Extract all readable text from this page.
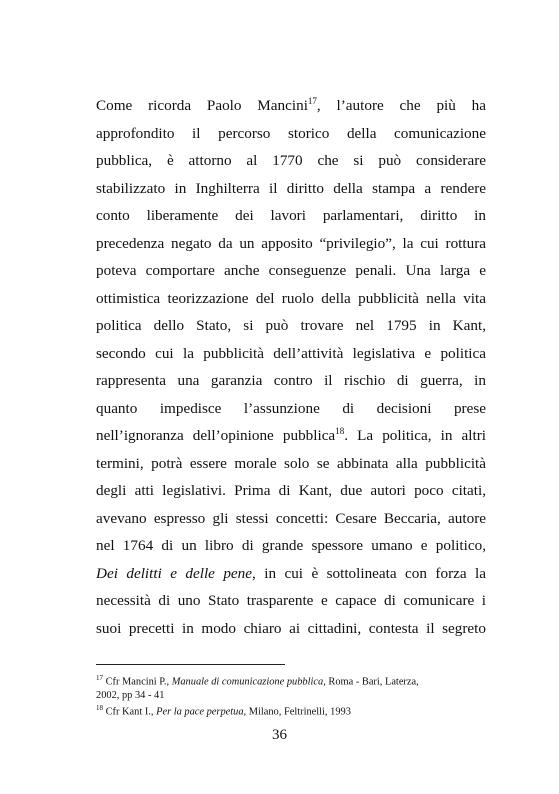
Come ricorda Paolo Mancini$^{17}$, l’autore che più ha
approfondito il percorso storico della comunicazione
pubblica, è attorno al 1770 che si può considerare
stabilizzato in Inghilterra il diritto della stampa a rendere
conto liberamente dei lavori parlamentari, diritto in
precedenza negato da un apposito “privilegio”, la cui rottura
poteva comportare anche conseguenze penali. Una larga e
ottimistica teorizzazione del ruolo della pubblicità nella vita
politica dello Stato, si può trovare nel 1795 in Kant,
secondo cui la pubblicità dell’attività legislativa e politica
rappresenta una garanzia contro il rischio di guerra, in
quanto impedisce l’assunzione di decisioni prese
nell’ignoranza dell’opinione pubblica$^{18}$. La politica, in altri
termini, potrà essere morale solo se abbinata alla pubblicità
degli atti legislativi. Prima di Kant, due autori poco citati,
avevano espresso gli stessi concetti: Cesare Beccaria, autore
nel 1764 di un libro di grande spessore umano e politico,
Dei delitti e delle pene, in cui è sottolineata con forza la
necessità di uno Stato trasparente e capace di comunicare i
suoi precetti in modo chiaro ai cittadini, contesta il segreto
$^{17}$ Cfr Mancini P., Manuale di comunicazione pubblica, Roma - Bari, Laterza,
2002, pp 34 - 41
$^{18}$ Cfr Kant I., Per la pace perpetua, Milano, Feltrinelli, 1993
36
